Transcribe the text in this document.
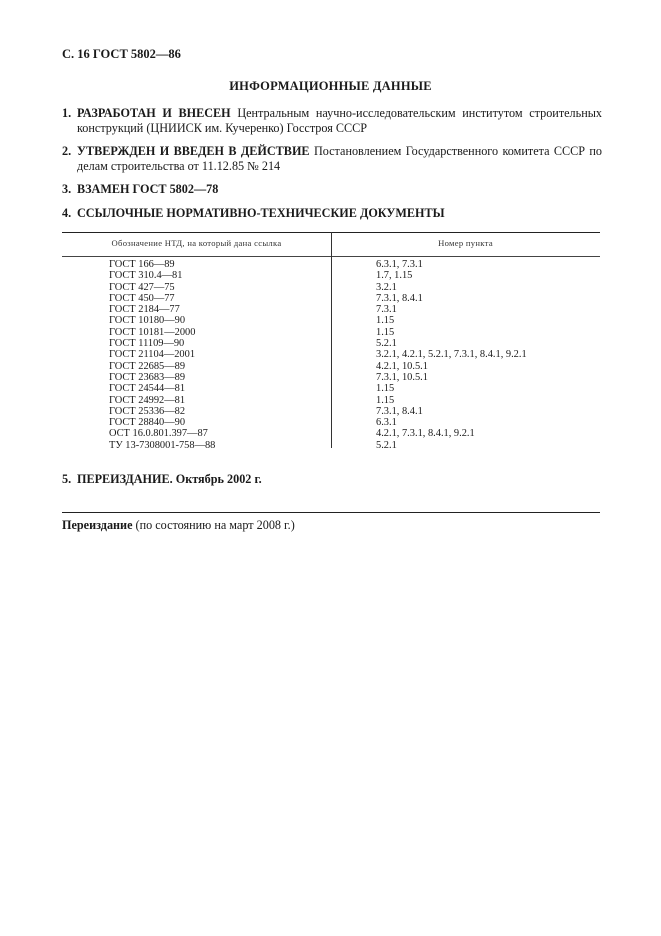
С. 16 ГОСТ 5802—86
ИНФОРМАЦИОННЫЕ ДАННЫЕ
1. РАЗРАБОТАН И ВНЕСЕН Центральным научно-исследовательским институтом строительных конструкций (ЦНИИСК им. Кучеренко) Госстроя СССР
2. УТВЕРЖДЕН И ВВЕДЕН В ДЕЙСТВИЕ Постановлением Государственного комитета СССР по делам строительства от 11.12.85 № 214
3. ВЗАМЕН ГОСТ 5802—78
4. ССЫЛОЧНЫЕ НОРМАТИВНО-ТЕХНИЧЕСКИЕ ДОКУМЕНТЫ
Обозначение НТД, на который дана ссылка	Номер пункта
ГОСТ 166—89
ГОСТ 310.4—81
ГОСТ 427—75
ГОСТ 450—77
ГОСТ 2184—77
ГОСТ 10180—90
ГОСТ 10181—2000
ГОСТ 11109—90
ГОСТ 21104—2001
ГОСТ 22685—89
ГОСТ 23683—89
ГОСТ 24544—81
ГОСТ 24992—81
ГОСТ 25336—82
ГОСТ 28840—90
ОСТ 16.0.801.397—87
ТУ 13-7308001-758—88
6.3.1, 7.3.1
1.7, 1.15
3.2.1
7.3.1, 8.4.1
7.3.1
1.15
1.15
5.2.1
3.2.1, 4.2.1, 5.2.1, 7.3.1, 8.4.1, 9.2.1
4.2.1, 10.5.1
7.3.1, 10.5.1
1.15
1.15
7.3.1, 8.4.1
6.3.1
4.2.1, 7.3.1, 8.4.1, 9.2.1
5.2.1
5. ПЕРЕИЗДАНИЕ. Октябрь 2002 г.
Переиздание (по состоянию на март 2008 г.)
